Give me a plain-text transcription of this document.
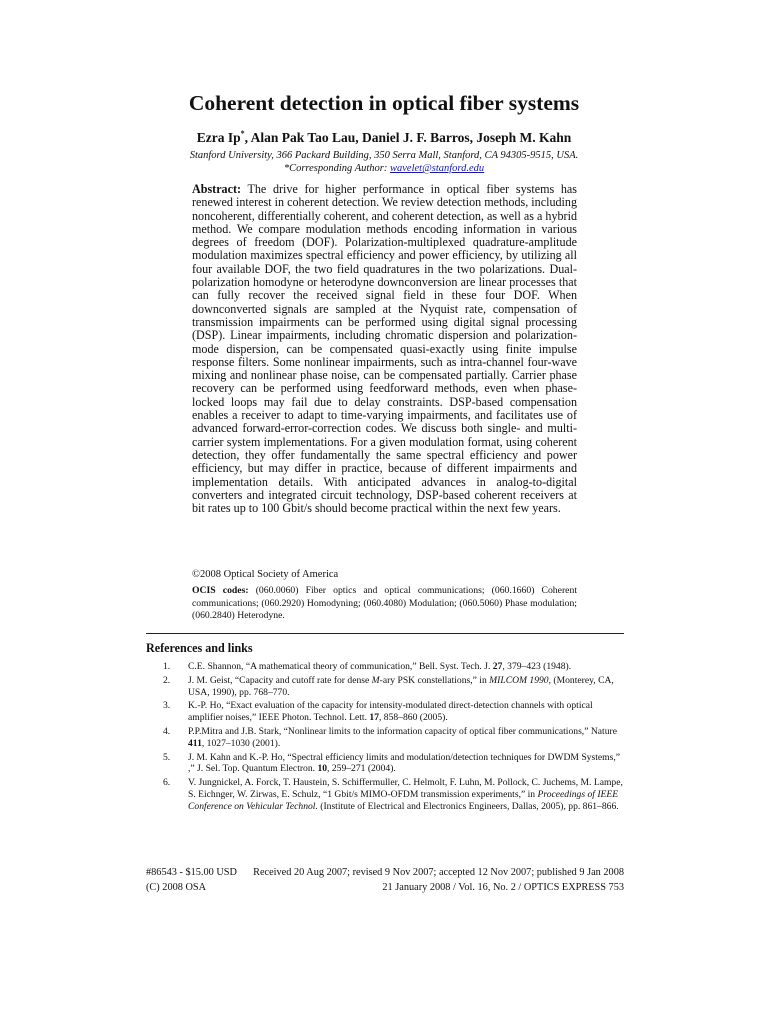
Coherent detection in optical fiber systems
Ezra Ip*, Alan Pak Tao Lau, Daniel J. F. Barros, Joseph M. Kahn
Stanford University, 366 Packard Building, 350 Serra Mall, Stanford, CA 94305-9515, USA.
*Corresponding Author: wavelet@stanford.edu
Abstract: The drive for higher performance in optical fiber systems has renewed interest in coherent detection. We review detection methods, including noncoherent, differentially coherent, and coherent detection, as well as a hybrid method. We compare modulation methods encoding information in various degrees of freedom (DOF). Polarization-multiplexed quadrature-amplitude modulation maximizes spectral efficiency and power efficiency, by utilizing all four available DOF, the two field quadratures in the two polarizations. Dual-polarization homodyne or heterodyne downconversion are linear processes that can fully recover the received signal field in these four DOF. When downconverted signals are sampled at the Nyquist rate, compensation of transmission impairments can be performed using digital signal processing (DSP). Linear impairments, including chromatic dispersion and polarization-mode dispersion, can be compensated quasi-exactly using finite impulse response filters. Some nonlinear impairments, such as intra-channel four-wave mixing and nonlinear phase noise, can be compensated partially. Carrier phase recovery can be performed using feedforward methods, even when phase-locked loops may fail due to delay constraints. DSP-based compensation enables a receiver to adapt to time-varying impairments, and facilitates use of advanced forward-error-correction codes. We discuss both single- and multi-carrier system implementations. For a given modulation format, using coherent detection, they offer fundamentally the same spectral efficiency and power efficiency, but may differ in practice, because of different impairments and implementation details. With anticipated advances in analog-to-digital converters and integrated circuit technology, DSP-based coherent receivers at bit rates up to 100 Gbit/s should become practical within the next few years.
©2008 Optical Society of America
OCIS codes: (060.0060) Fiber optics and optical communications; (060.1660) Coherent communications; (060.2920) Homodyning; (060.4080) Modulation; (060.5060) Phase modulation; (060.2840) Heterodyne.
References and links
1. C.E. Shannon, “A mathematical theory of communication,” Bell. Syst. Tech. J. 27, 379–423 (1948).
2. J. M. Geist, “Capacity and cutoff rate for dense M-ary PSK constellations,” in MILCOM 1990, (Monterey, CA, USA, 1990), pp. 768–770.
3. K.-P. Ho, “Exact evaluation of the capacity for intensity-modulated direct-detection channels with optical amplifier noises,” IEEE Photon. Technol. Lett. 17, 858–860 (2005).
4. P.P.Mitra and J.B. Stark, “Nonlinear limits to the information capacity of optical fiber communications,” Nature 411, 1027–1030 (2001).
5. J. M. Kahn and K.-P. Ho, “Spectral efficiency limits and modulation/detection techniques for DWDM Systems,” ,” J. Sel. Top. Quantum Electron. 10, 259–271 (2004).
6. V. Jungnickel, A. Forck, T. Haustein, S. Schiffermuller, C. Helmolt, F. Luhn, M. Pollock, C. Juchems, M. Lampe, S. Eichnger, W. Zirwas, E. Schulz, “1 Gbit/s MIMO-OFDM transmission experiments,” in Proceedings of IEEE Conference on Vehicular Technol. (Institute of Electrical and Electronics Engineers, Dallas, 2005), pp. 861–866.
#86543 - $15.00 USD Received 20 Aug 2007; revised 9 Nov 2007; accepted 12 Nov 2007; published 9 Jan 2008
(C) 2008 OSA	21 January 2008 / Vol. 16, No. 2 / OPTICS EXPRESS 753
